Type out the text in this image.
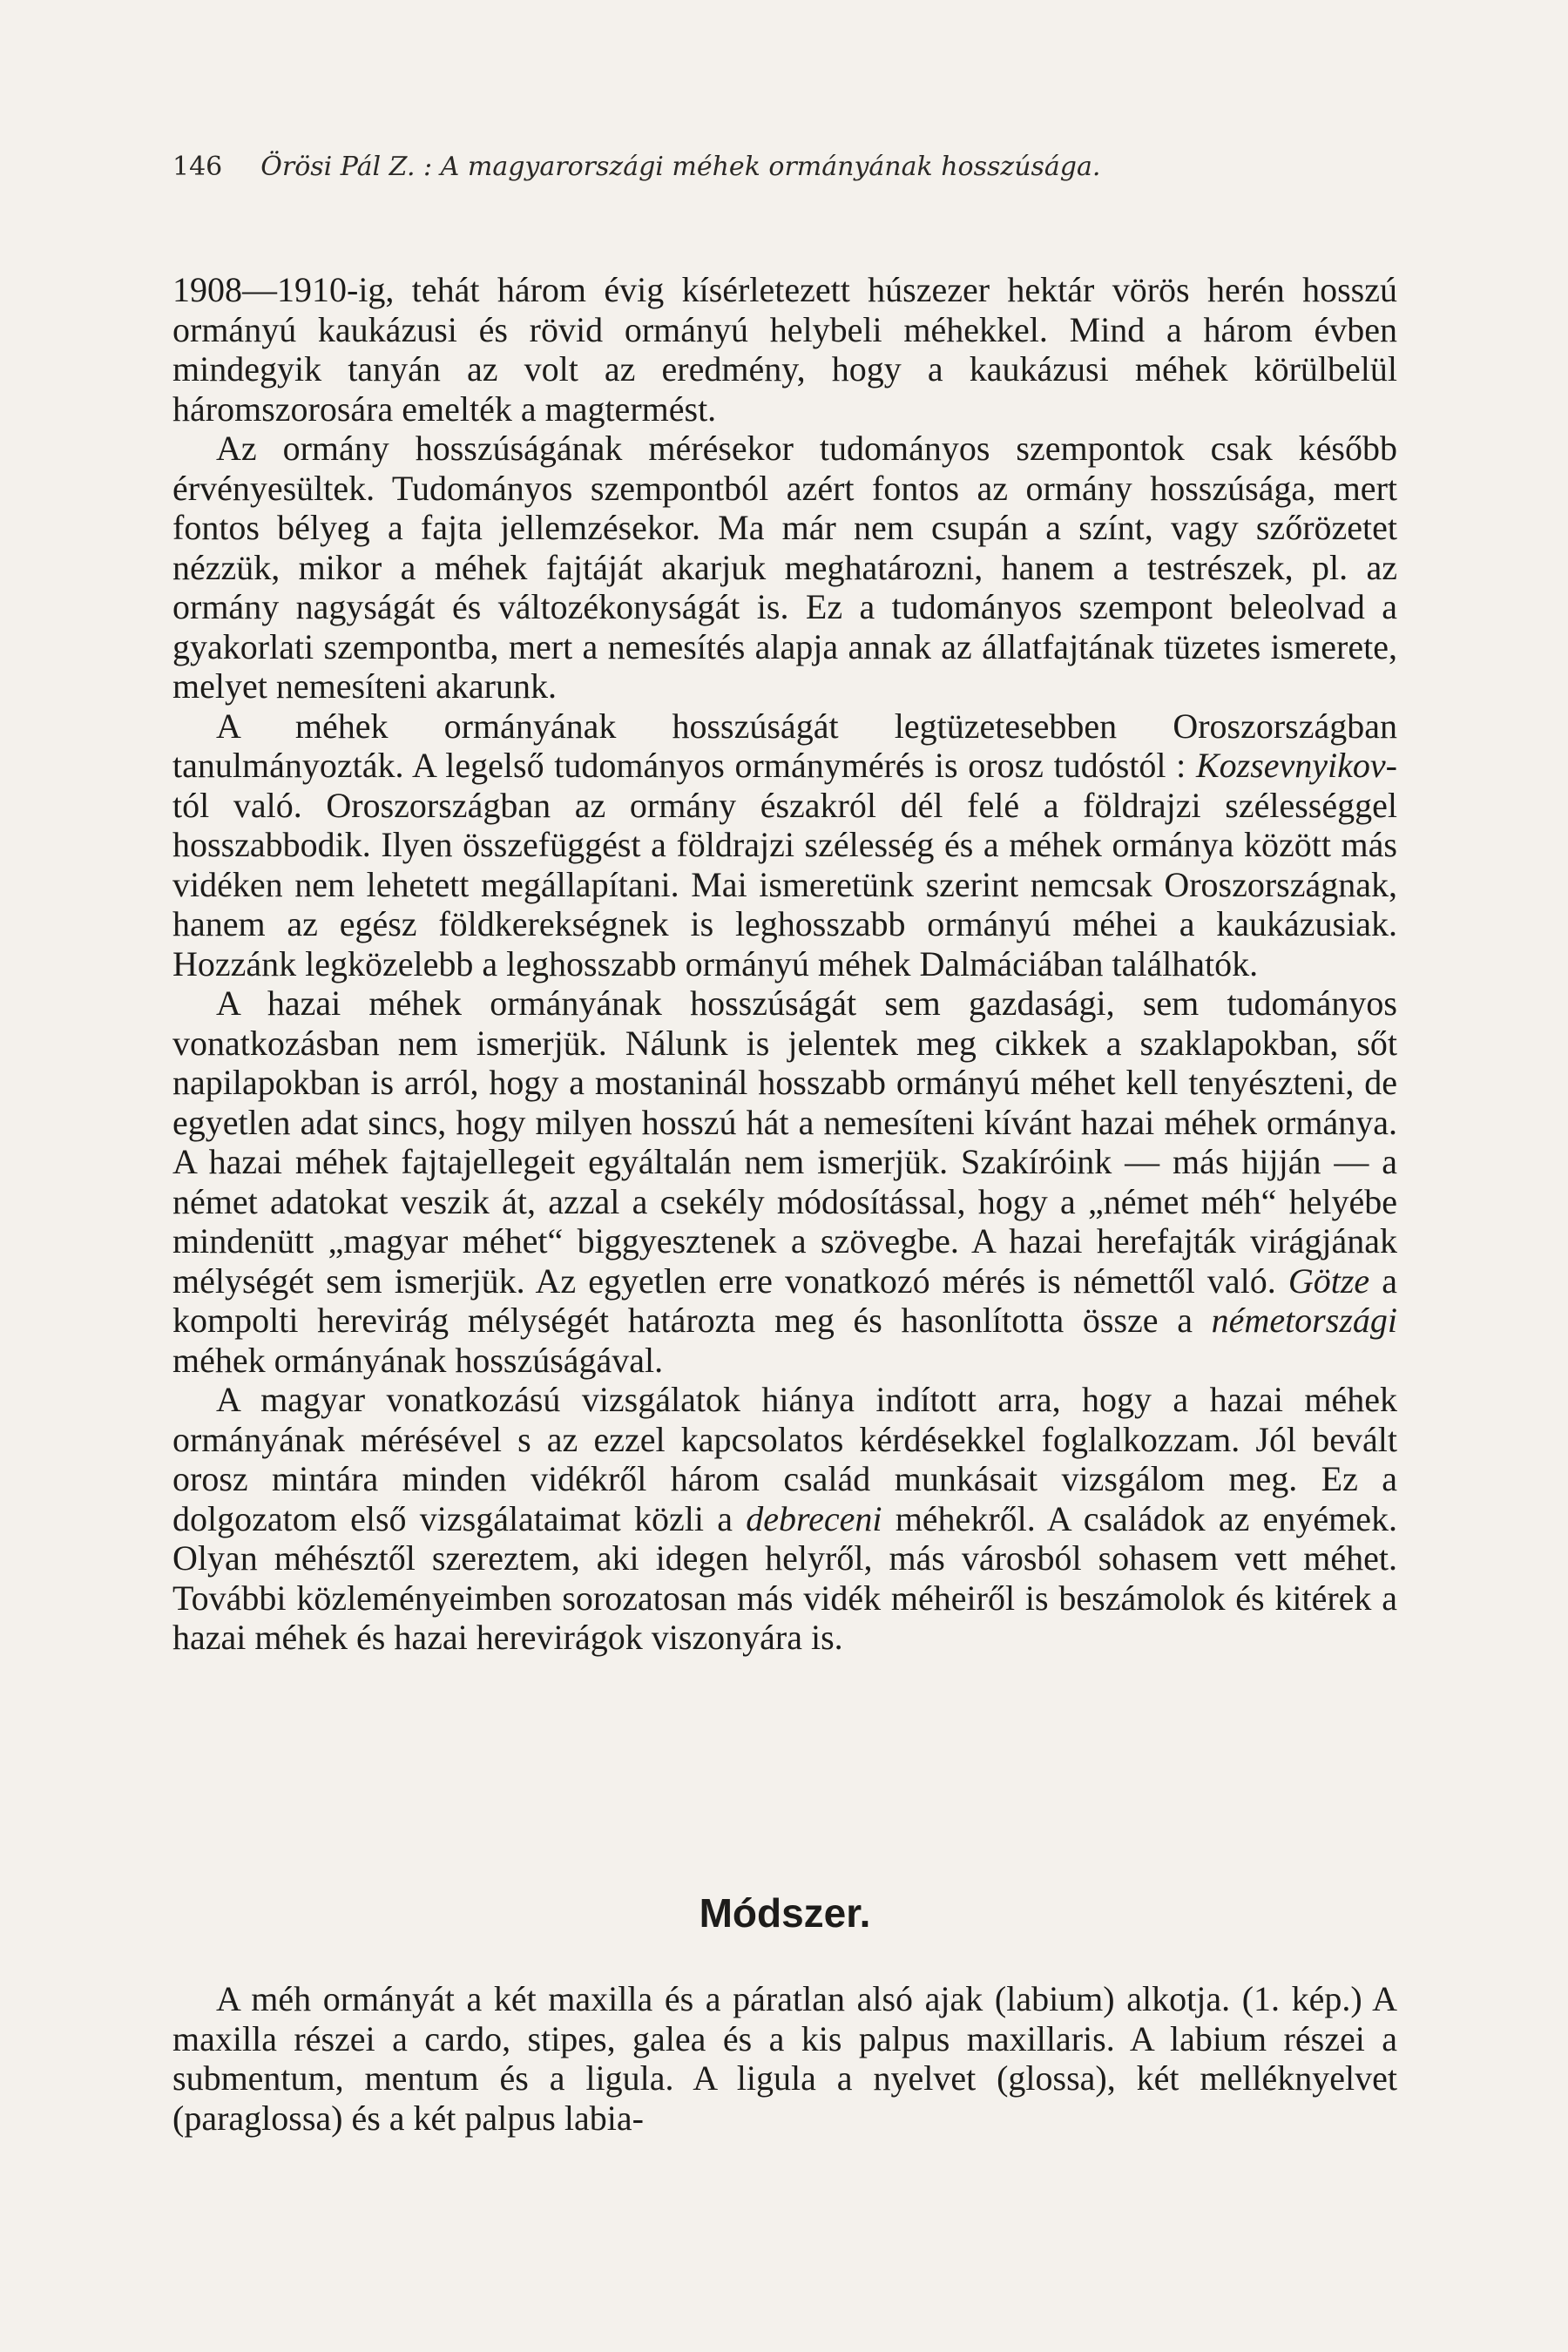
146 Örösi Pál Z. : A magyarországi méhek ormányának hosszúsága.

1908—1910-ig, tehát három évig kísérletezett húszezer hektár vörös herén hosszú ormányú kaukázusi és rövid ormányú helybeli méhekkel. Mind a három évben mindegyik tanyán az volt az eredmény, hogy a kaukázusi méhek körülbelül háromszorosára emelték a magtermést.

Az ormány hosszúságának mérésekor tudományos szempontok csak később érvényesültek. Tudományos szempontból azért fontos az ormány hosszúsága, mert fontos bélyeg a fajta jellemzésekor. Ma már nem csupán a színt, vagy szőrözetet nézzük, mikor a méhek fajtáját akarjuk meghatározni, hanem a testrészek, pl. az ormány nagyságát és változékonyságát is. Ez a tudományos szempont beleolvad a gyakorlati szempontba, mert a nemesítés alapja annak az állatfajtának tüzetes ismerete, melyet nemesíteni akarunk.

A méhek ormányának hosszúságát legtüzetesebben Oroszországban tanulmányozták. A legelső tudományos ormánymérés is orosz tudóstól : Kozsevnyikov-tól való. Oroszországban az ormány északról dél felé a földrajzi szélességgel hosszabbodik. Ilyen összefüggést a földrajzi szélesség és a méhek ormánya között más vidéken nem lehetett megállapítani. Mai ismeretünk szerint nemcsak Oroszországnak, hanem az egész földkerekségnek is leghosszabb ormányú méhei a kaukázusiak. Hozzánk legközelebb a leghosszabb ormányú méhek Dalmáciában találhatók.

A hazai méhek ormányának hosszúságát sem gazdasági, sem tudományos vonatkozásban nem ismerjük. Nálunk is jelentek meg cikkek a szaklapokban, sőt napilapokban is arról, hogy a mostaninál hosszabb ormányú méhet kell tenyészteni, de egyetlen adat sincs, hogy milyen hosszú hát a nemesíteni kívánt hazai méhek ormánya. A hazai méhek fajtajellegeit egyáltalán nem ismerjük. Szakíróink — más hijján — a német adatokat veszik át, azzal a csekély módosítással, hogy a „német méh“ helyébe mindenütt „magyar méhet“ biggyesztenek a szövegbe. A hazai herefajták virágjának mélységét sem ismerjük. Az egyetlen erre vonatkozó mérés is némettől való. Götze a kompolti herevirág mélységét határozta meg és hasonlította össze a németországi méhek ormányának hosszúságával.

A magyar vonatkozású vizsgálatok hiánya indított arra, hogy a hazai méhek ormányának mérésével s az ezzel kapcsolatos kérdésekkel foglalkozzam. Jól bevált orosz mintára minden vidékről három család munkásait vizsgálom meg. Ez a dolgozatom első vizsgálataimat közli a debreceni méhekről. A családok az enyémek. Olyan méhésztől szereztem, aki idegen helyről, más városból sohasem vett méhet. További közleményeimben sorozatosan más vidék méheiről is beszámolok és kitérek a hazai méhek és hazai herevirágok viszonyára is.

Módszer.

A méh ormányát a két maxilla és a páratlan alsó ajak (labium) alkotja. (1. kép.) A maxilla részei a cardo, stipes, galea és a kis palpus maxillaris. A labium részei a submentum, mentum és a ligula. A ligula a nyelvet (glossa), két melléknyelvet (paraglossa) és a két palpus labia-
